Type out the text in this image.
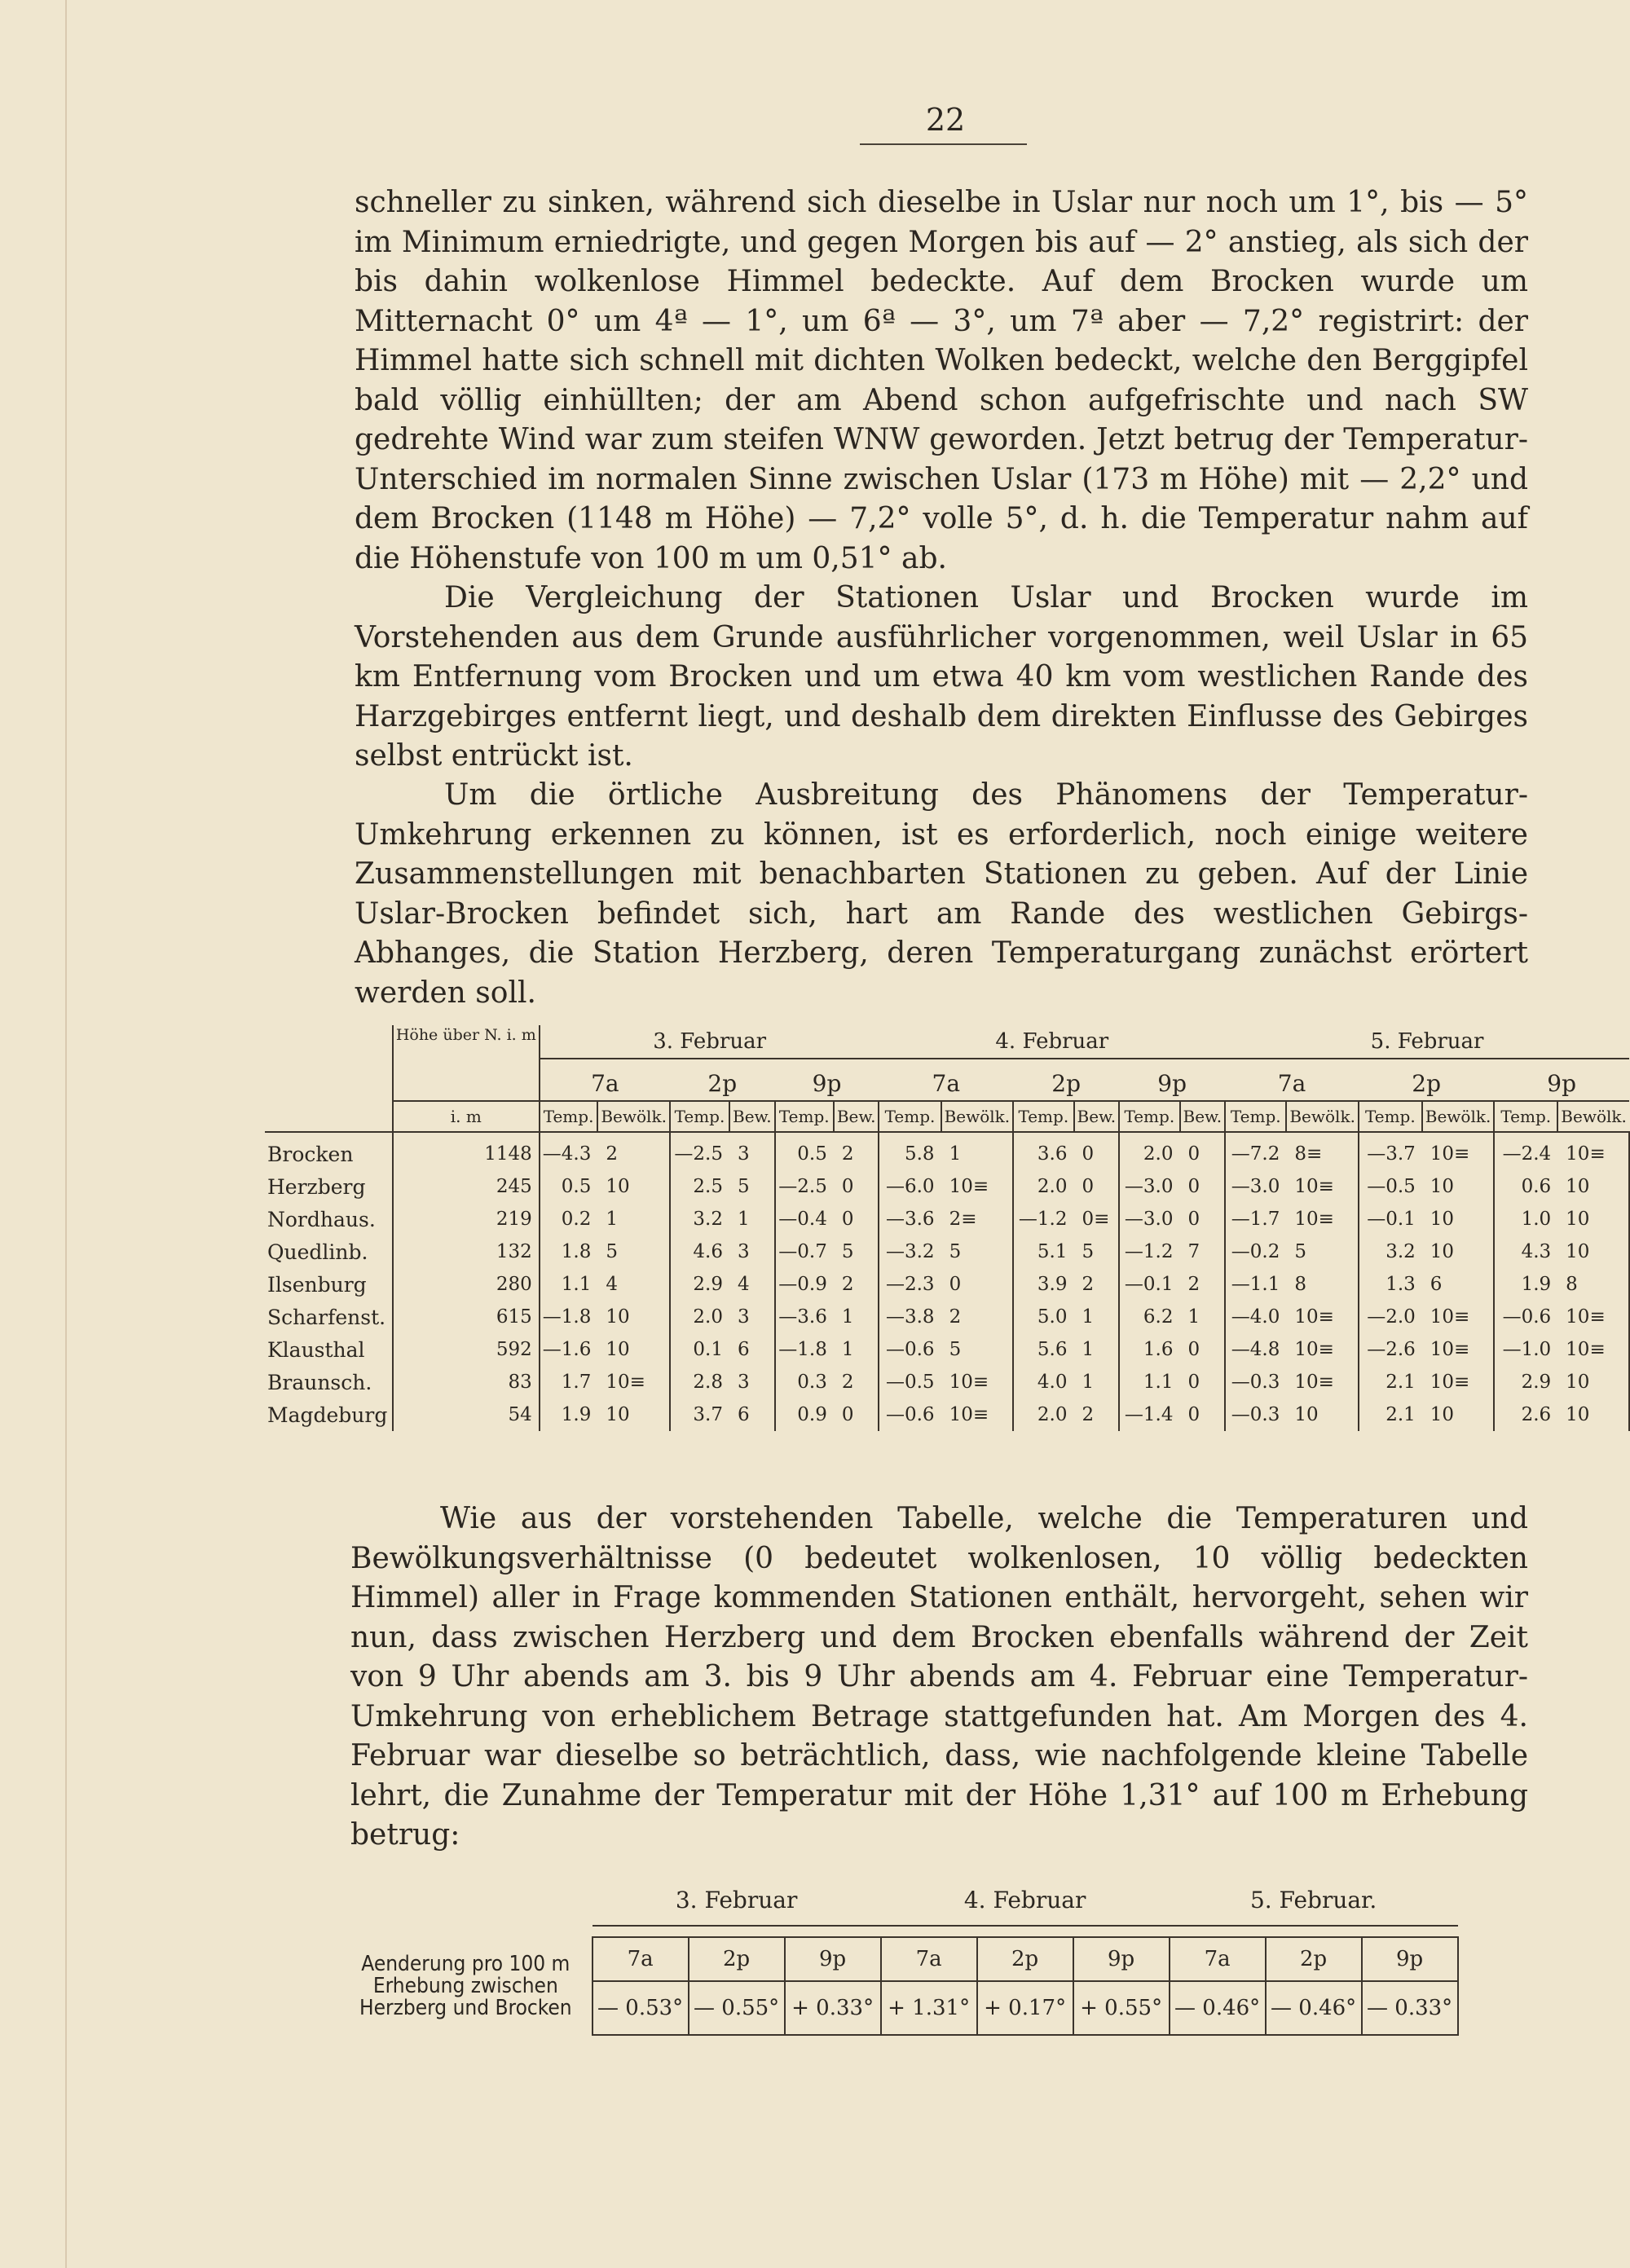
22

schneller zu sinken, während sich dieselbe in Uslar nur noch um 1°, bis — 5° im Minimum erniedrigte, und gegen Morgen bis auf — 2° anstieg, als sich der bis dahin wolkenlose Himmel bedeckte. Auf dem Brocken wurde um Mitternacht 0° um 4ª — 1°, um 6ª — 3°, um 7ª aber — 7,2° registrirt: der Himmel hatte sich schnell mit dichten Wolken bedeckt, welche den Berggipfel bald völlig einhüllten; der am Abend schon aufgefrischte und nach SW gedrehte Wind war zum steifen WNW geworden. Jetzt betrug der Temperatur-Unterschied im normalen Sinne zwischen Uslar (173 m Höhe) mit — 2,2° und dem Brocken (1148 m Höhe) — 7,2° volle 5°, d. h. die Temperatur nahm auf die Höhenstufe von 100 m um 0,51° ab.

Die Vergleichung der Stationen Uslar und Brocken wurde im Vorstehenden aus dem Grunde ausführlicher vorgenommen, weil Uslar in 65 km Entfernung vom Brocken und um etwa 40 km vom westlichen Rande des Harzgebirges entfernt liegt, und deshalb dem direkten Einflusse des Gebirges selbst entrückt ist.

Um die örtliche Ausbreitung des Phänomens der Temperatur-Umkehrung erkennen zu können, ist es erforderlich, noch einige weitere Zusammenstellungen mit benachbarten Stationen zu geben. Auf der Linie Uslar-Brocken befindet sich, hart am Rande des westlichen Gebirgs-Abhanges, die Station Herzberg, deren Temperaturgang zunächst erörtert werden soll.

	Höhe über N. i. m	3. Februar						4. Februar						5. Februar					

		7a		2p		9p		7a		2p		9p		7a		2p		9p	
	i. m	Temp.	Bewölk.	Temp.	Bew.	Temp.	Bew.	Temp.	Bewölk.	Temp.	Bew.	Temp.	Bew.	Temp.	Bewölk.	Temp.	Bewölk.	Temp.	Bewölk.
Brocken	1148	—4.3	2	—2.5	3	0.5	2	5.8	1	3.6	0	2.0	0	—7.2	8≡	—3.7	10≡	—2.4	10≡
Herzberg	245	0.5	10	2.5	5	—2.5	0	—6.0	10≡	2.0	0	—3.0	0	—3.0	10≡	—0.5	10	0.6	10
Nordhaus.	219	0.2	1	3.2	1	—0.4	0	—3.6	2≡	—1.2	0≡	—3.0	0	—1.7	10≡	—0.1	10	1.0	10
Quedlinb.	132	1.8	5	4.6	3	—0.7	5	—3.2	5	5.1	5	—1.2	7	—0.2	5	3.2	10	4.3	10
Ilsenburg	280	1.1	4	2.9	4	—0.9	2	—2.3	0	3.9	2	—0.1	2	—1.1	8	1.3	6	1.9	8
Scharfenst.	615	—1.8	10	2.0	3	—3.6	1	—3.8	2	5.0	1	6.2	1	—4.0	10≡	—2.0	10≡	—0.6	10≡
Klausthal	592	—1.6	10	0.1	6	—1.8	1	—0.6	5	5.6	1	1.6	0	—4.8	10≡	—2.6	10≡	—1.0	10≡
Braunsch.	83	1.7	10≡	2.8	3	0.3	2	—0.5	10≡	4.0	1	1.1	0	—0.3	10≡	2.1	10≡	2.9	10
Magdeburg	54	1.9	10	3.7	6	0.9	0	—0.6	10≡	2.0	2	—1.4	0	—0.3	10	2.1	10	2.6	10

Wie aus der vorstehenden Tabelle, welche die Temperaturen und Bewölkungsverhältnisse (0 bedeutet wolkenlosen, 10 völlig bedeckten Himmel) aller in Frage kommenden Stationen enthält, hervorgeht, sehen wir nun, dass zwischen Herzberg und dem Brocken ebenfalls während der Zeit von 9 Uhr abends am 3. bis 9 Uhr abends am 4. Februar eine Temperatur-Umkehrung von erheblichem Betrage stattgefunden hat. Am Morgen des 4. Februar war dieselbe so beträchtlich, dass, wie nachfolgende kleine Tabelle lehrt, die Zunahme der Temperatur mit der Höhe 1,31° auf 100 m Erhebung betrug:

		3. Februar			4. Februar			5. Februar.		

Aenderung pro 100 m
Erhebung zwischen
Herzberg und Brocken		7a	2p	9p	7a	2p	9p	7a	2p	9p
		— 0.53°	— 0.55°	+ 0.33°	+ 1.31°	+ 0.17°	+ 0.55°	— 0.46°	— 0.46°	— 0.33°
